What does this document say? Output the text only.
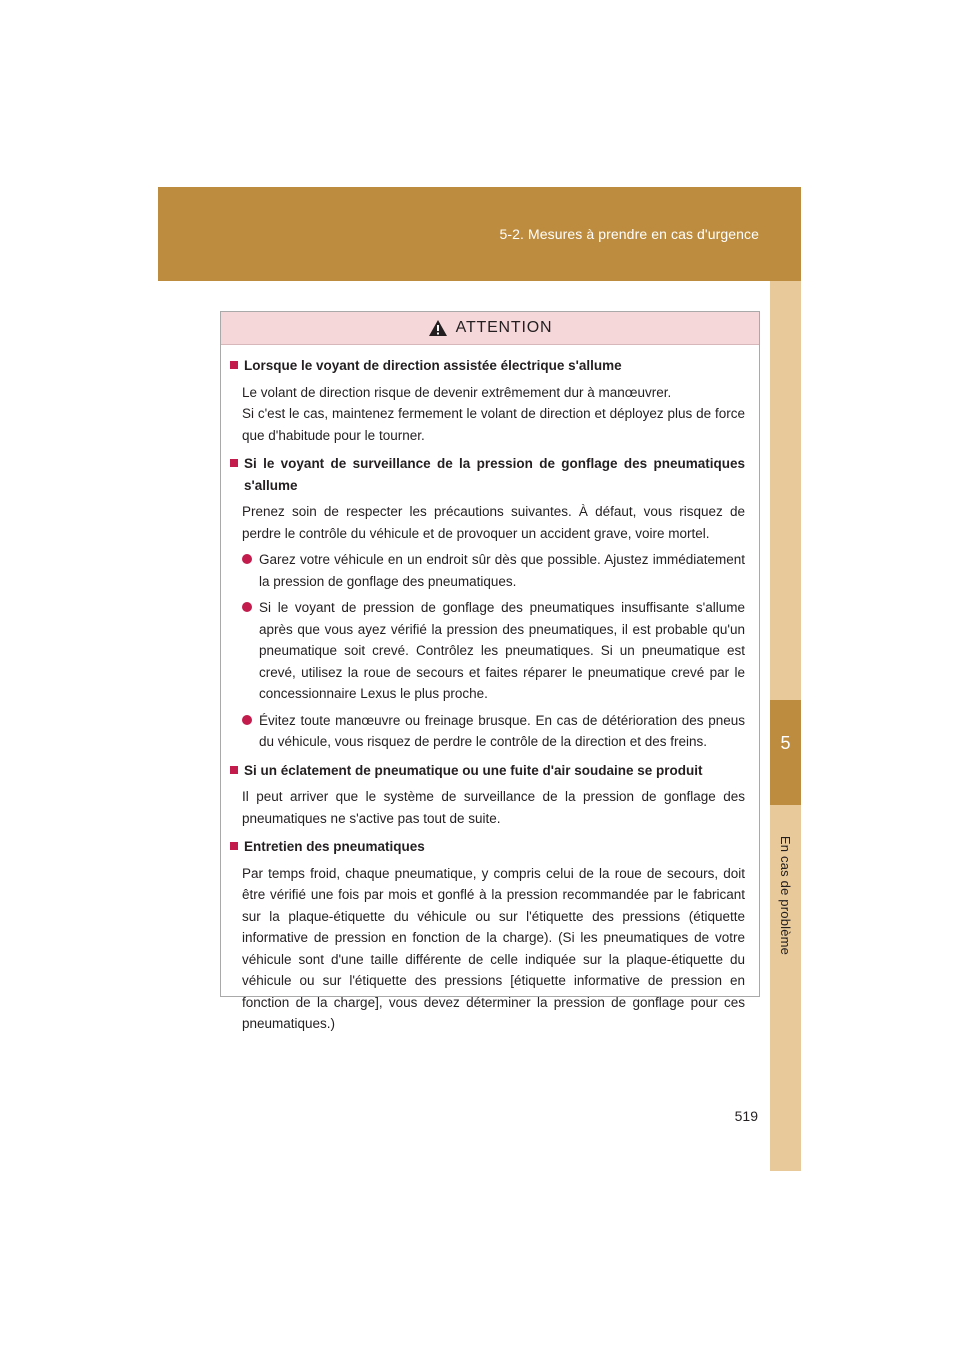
5-2. Mesures à prendre en cas d'urgence
5
En cas de problème
ATTENTION
Lorsque le voyant de direction assistée électrique s'allume
Le volant de direction risque de devenir extrêmement dur à manœuvrer.
Si c'est le cas, maintenez fermement le volant de direction et déployez plus de force que d'habitude pour le tourner.
Si le voyant de surveillance de la pression de gonflage des pneumatiques s'allume
Prenez soin de respecter les précautions suivantes. À défaut, vous risquez de perdre le contrôle du véhicule et de provoquer un accident grave, voire mortel.
Garez votre véhicule en un endroit sûr dès que possible. Ajustez immédiatement la pression de gonflage des pneumatiques.
Si le voyant de pression de gonflage des pneumatiques insuffisante s'allume après que vous ayez vérifié la pression des pneumatiques, il est probable qu'un pneumatique soit crevé. Contrôlez les pneumatiques. Si un pneumatique est crevé, utilisez la roue de secours et faites réparer le pneumatique crevé par le concessionnaire Lexus le plus proche.
Évitez toute manœuvre ou freinage brusque. En cas de détérioration des pneus du véhicule, vous risquez de perdre le contrôle de la direction et des freins.
Si un éclatement de pneumatique ou une fuite d'air soudaine se produit
Il peut arriver que le système de surveillance de la pression de gonflage des pneumatiques ne s'active pas tout de suite.
Entretien des pneumatiques
Par temps froid, chaque pneumatique, y compris celui de la roue de secours, doit être vérifié une fois par mois et gonflé à la pression recommandée par le fabricant sur la plaque-étiquette du véhicule ou sur l'étiquette des pressions (étiquette informative de pression en fonction de la charge). (Si les pneumatiques de votre véhicule sont d'une taille différente de celle indiquée sur la plaque-étiquette du véhicule ou sur l'étiquette des pressions [étiquette informative de pression en fonction de la charge], vous devez déterminer la pression de gonflage pour ces pneumatiques.)
519
